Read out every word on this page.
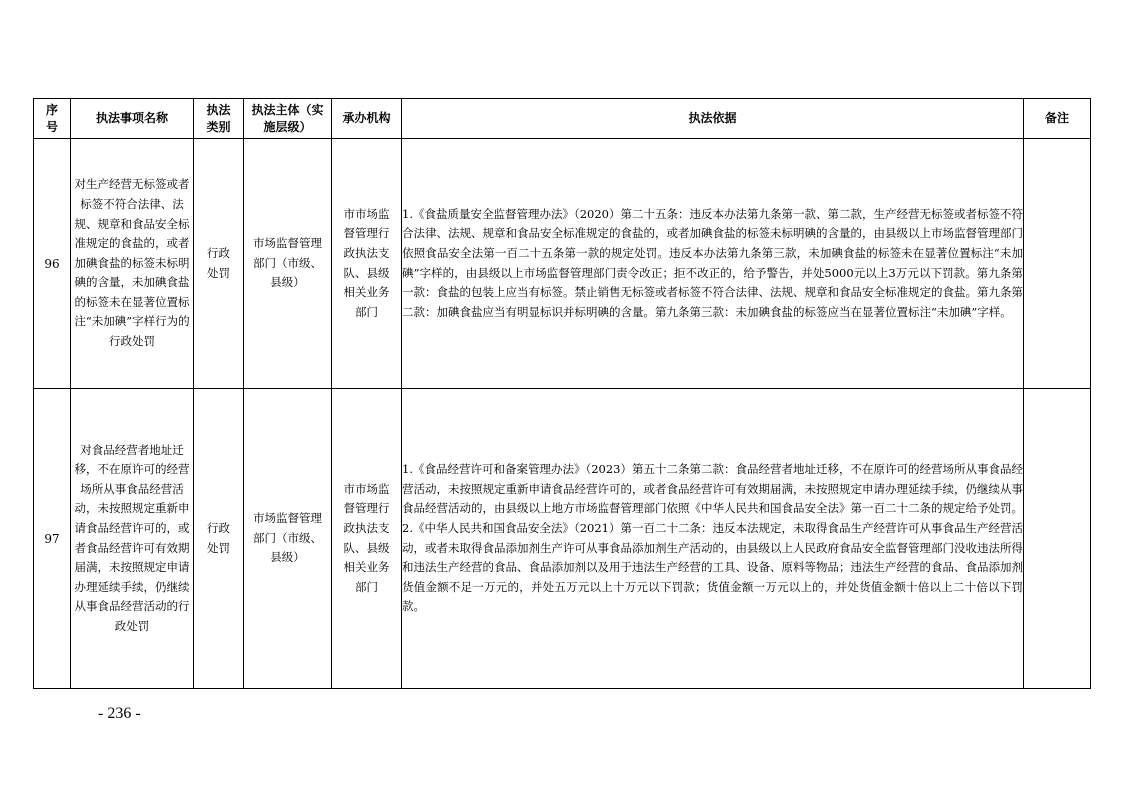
序号	执法事项名称	执法类别	执法主体（实施层级）	承办机构	执法依据	备注
96	对生产经营无标签或者标签不符合法律、法规、规章和食品安全标准规定的食盐的，或者加碘食盐的标签未标明碘的含量，未加碘食盐的标签未在显著位置标注“未加碘”字样行为的行政处罚	行政处罚	市场监督管理部门（市级、县级）	市市场监督管理行政执法支队、县级相关业务部门	1.《食盐质量安全监督管理办法》（2020）第二十五条：违反本办法第九条第一款、第二款，生产经营无标签或者标签不符合法律、法规、规章和食品安全标准规定的食盐的，或者加碘食盐的标签未标明碘的含量的，由县级以上市场监督管理部门依照食品安全法第一百二十五条第一款的规定处罚。违反本办法第九条第三款，未加碘食盐的标签未在显著位置标注“未加碘”字样的，由县级以上市场监督管理部门责令改正；拒不改正的，给予警告，并处5000元以上3万元以下罚款。第九条第一款：食盐的包装上应当有标签。禁止销售无标签或者标签不符合法律、法规、规章和食品安全标准规定的食盐。第九条第二款：加碘食盐应当有明显标识并标明碘的含量。第九条第三款：未加碘食盐的标签应当在显著位置标注“未加碘”字样。	

97	对食品经营者地址迁移，不在原许可的经营场所从事食品经营活动，未按照规定重新申请食品经营许可的，或者食品经营许可有效期届满，未按照规定申请办理延续手续，仍继续从事食品经营活动的行政处罚	行政处罚	市场监督管理部门（市级、县级）	市市场监督管理行政执法支队、县级相关业务部门	1.《食品经营许可和备案管理办法》（2023）第五十二条第二款：食品经营者地址迁移，不在原许可的经营场所从事食品经营活动，未按照规定重新申请食品经营许可的，或者食品经营许可有效期届满，未按照规定申请办理延续手续，仍继续从事食品经营活动的，由县级以上地方市场监督管理部门依照《中华人民共和国食品安全法》第一百二十二条的规定给予处罚。

2.《中华人民共和国食品安全法》（2021）第一百二十二条：违反本法规定，未取得食品生产经营许可从事食品生产经营活动，或者未取得食品添加剂生产许可从事食品添加剂生产活动的，由县级以上人民政府食品安全监督管理部门没收违法所得和违法生产经营的食品、食品添加剂以及用于违法生产经营的工具、设备、原料等物品；违法生产经营的食品、食品添加剂货值金额不足一万元的，并处五万元以上十万元以下罚款；货值金额一万元以上的，并处货值金额十倍以上二十倍以下罚款。	

- 236 -
